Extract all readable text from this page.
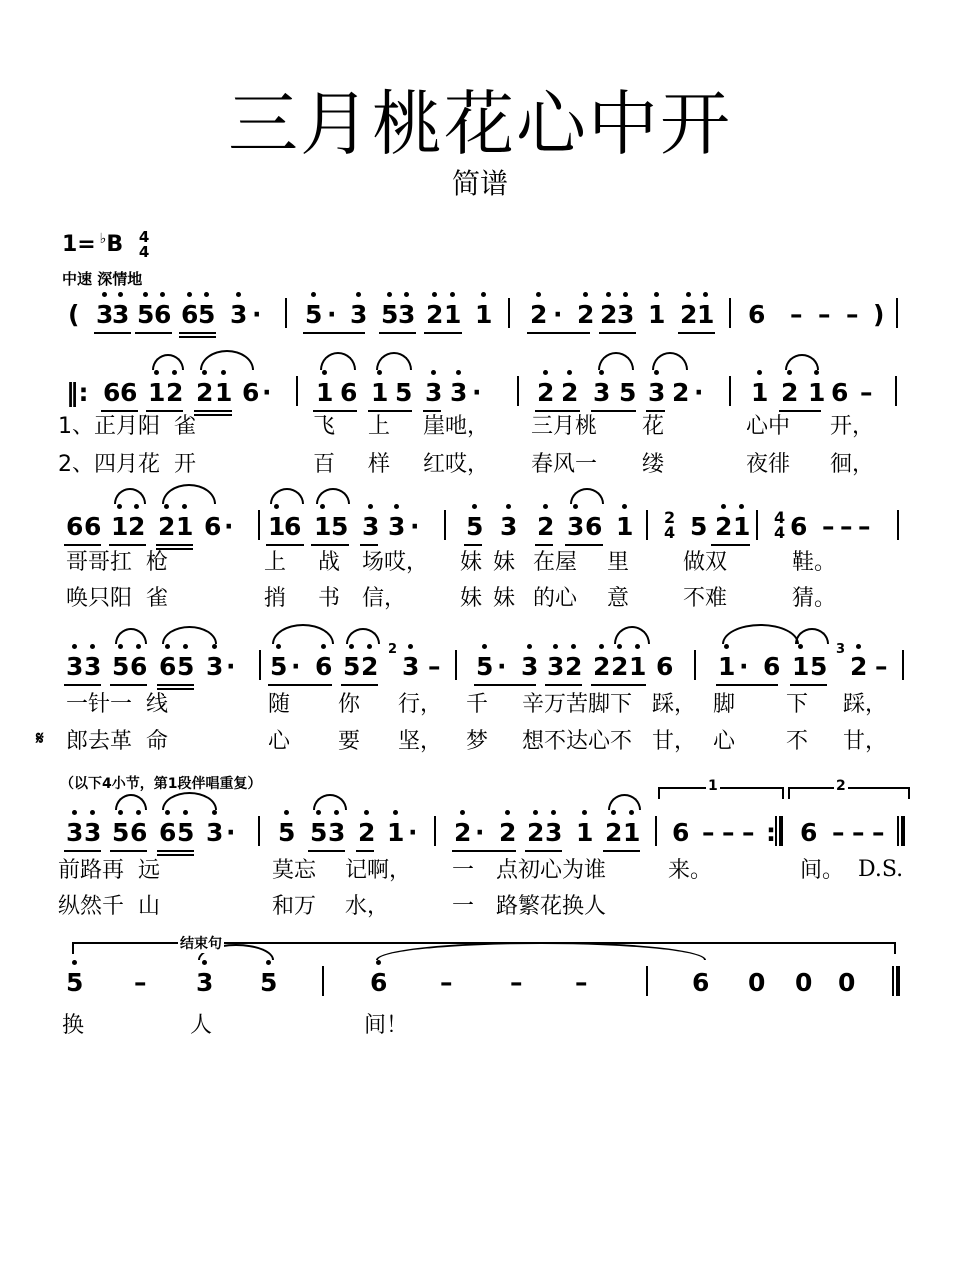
三月桃花心中开
简谱
1= ♭B 4
4
中速 深情地
( 3
3 5 6 6 5 3 · 5 · 3 5 3 2 1 1 2 · 2 2 3 1 2 1 6 – – – )
‖: 6 6 1 2 2 1 6 · 1 6 1 5 3 3 · 2 2 3 5 3 2 · 1 2 1 6 –
1、正月阳  雀	飞 上 崖吔， 三月桃 花	心中 开，
2、四月花  开	百 样 红哎， 春风一 缕	夜徘 徊，
6 6 1 2 2 1 6 · 1
6 1 5 3 3 · 5 3 2 3 6 1 5 2 1 6 – – –
2
4
4
4
哥哥扛  枪	上 战 场哎， 妹 妹 在屋 里 做双	鞋。
唤只阳  雀	捎 书 信， 妹 妹 的心 意 不难	猜。
3 3 5 6 6 5 3 · 5 · 6 5 2 3 – 5 · 3 3 2 2 2 1 6 1 · 6 1 5 2 –
2	3
一针一  线	随 你 行， 千 辛万苦脚下 踩， 脚 下 踩，
郎去革  命	心 要 坚， 梦 想不达心不 甘， 心 不 甘，
3 3 5 6 6 5 3 · 5 5 3 2 1 · 2 · 2 2 3 1 2 1 6 – – – : 6 – – –
前路再  远	莫忘 记啊， 一 点初心为谁	来。	间。
纵然千  山	和万 水，	一 路繁花换人
5 – 3 5	6 – – –	6 0 0 0
换	人	间！
（以下4小节，第1段伴唱重复）	1	2
D.S.
结束句
𝄋
